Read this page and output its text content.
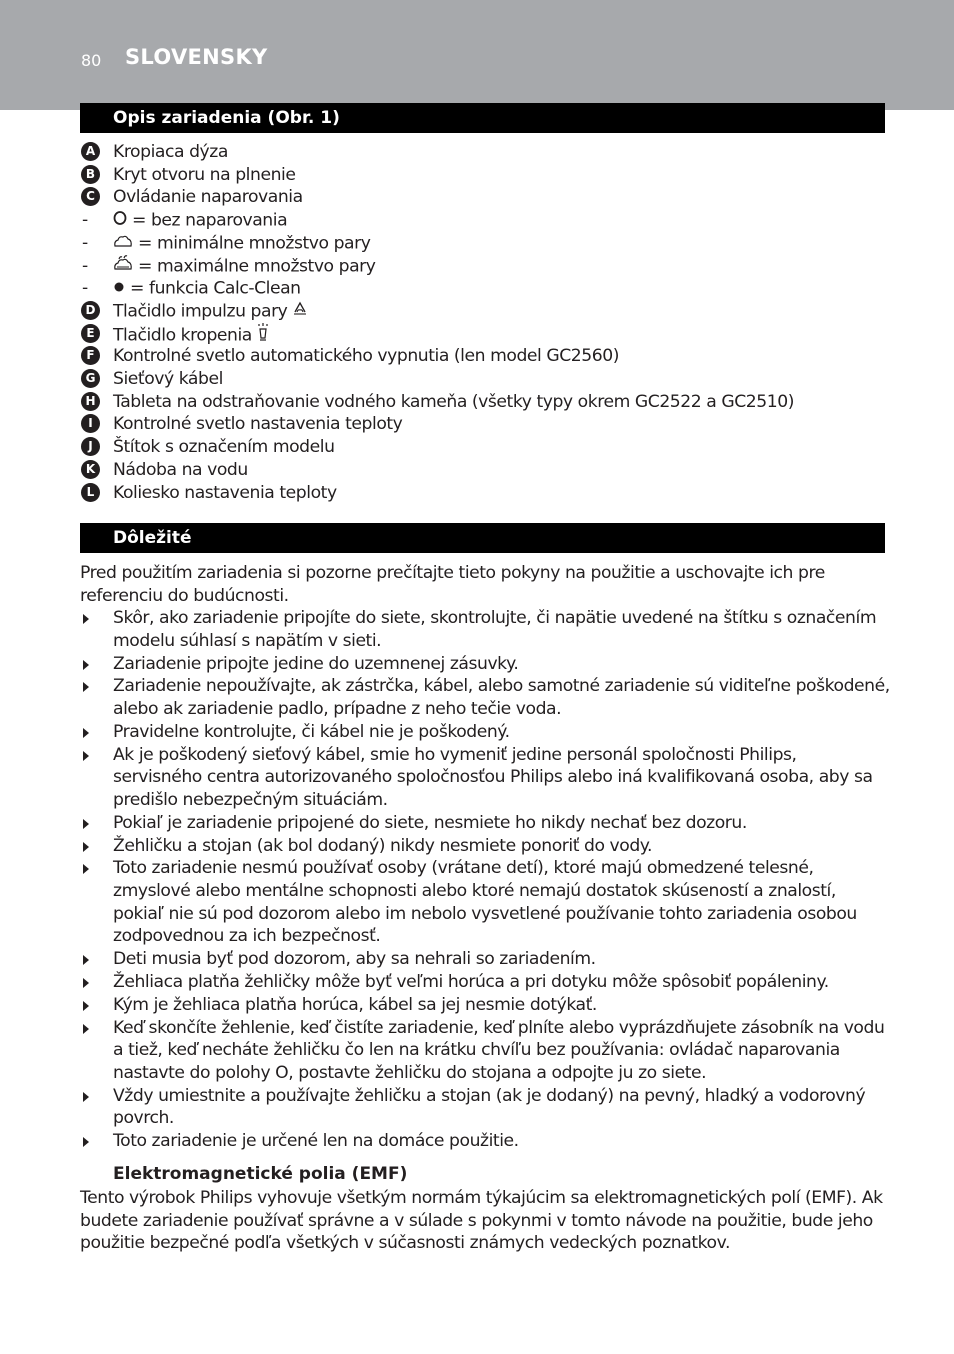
80 SLOVENSKY
Opis zariadenia (Obr. 1)
A Kropiaca dýza
B Kryt otvoru na plnenie
C Ovládanie naparovania
-	= bez naparovania
-	= minimálne množstvo pary
-	= maximálne množstvo pary
-	= funkcia Calc-Clean
D Tlačidlo impulzu pary
E	Tlačidlo kropenia
F	Kontrolné svetlo automatického vypnutia (len model GC2560)
G Sieťový kábel
H Tableta na odstraňovanie vodného kameňa (všetky typy okrem GC2522 a GC2510)
I	Kontrolné svetlo nastavenia teploty
J	Štítok s označením modelu
K Nádoba na vodu
L	Koliesko nastavenia teploty
Dôležité
Pred použitím zariadenia si pozorne prečítajte tieto pokyny na použitie a uschovajte ich pre referenciu do budúcnosti.
Skôr, ako zariadenie pripojíte do siete, skontrolujte, či napätie uvedené na štítku s označením modelu súhlasí s napätím v sieti.
Zariadenie pripojte jedine do uzemnenej zásuvky.
Zariadenie nepoužívajte, ak zástrčka, kábel, alebo samotné zariadenie sú viditeľne poškodené, alebo ak zariadenie padlo, prípadne z neho tečie voda.
Pravidelne kontrolujte, či kábel nie je poškodený.
Ak je poškodený sieťový kábel, smie ho vymeniť jedine personál spoločnosti Philips, servisného centra autorizovaného spoločnosťou Philips alebo iná kvalifikovaná osoba, aby sa predišlo nebezpečným situáciám.
Pokiaľ je zariadenie pripojené do siete, nesmiete ho nikdy nechať bez dozoru.
Žehličku a stojan (ak bol dodaný) nikdy nesmiete ponoriť do vody.
Toto zariadenie nesmú používať osoby (vrátane detí), ktoré majú obmedzené telesné, zmyslové alebo mentálne schopnosti alebo ktoré nemajú dostatok skúseností a znalostí, pokiaľ nie sú pod dozorom alebo im nebolo vysvetlené používanie tohto zariadenia osobou zodpovednou za ich bezpečnosť.
Deti musia byť pod dozorom, aby sa nehrali so zariadením.
Žehliaca platňa žehličky môže byť veľmi horúca a pri dotyku môže spôsobiť popáleniny.
Kým je žehliaca platňa horúca, kábel sa jej nesmie dotýkať.
Keď skončíte žehlenie, keď čistíte zariadenie, keď plníte alebo vyprázdňujete zásobník na vodu a tiež, keď necháte žehličku čo len na krátku chvíľu bez používania: ovládač naparovania nastavte do polohy O, postavte žehličku do stojana a odpojte ju zo siete.
Vždy umiestnite a používajte žehličku a stojan (ak je dodaný) na pevný, hladký a vodorovný povrch.
Toto zariadenie je určené len na domáce použitie.
Elektromagnetické polia (EMF)
Tento výrobok Philips vyhovuje všetkým normám týkajúcim sa elektromagnetických polí (EMF). Ak budete zariadenie používať správne a v súlade s pokynmi v tomto návode na použitie, bude jeho použitie bezpečné podľa všetkých v súčasnosti známych vedeckých poznatkov.
